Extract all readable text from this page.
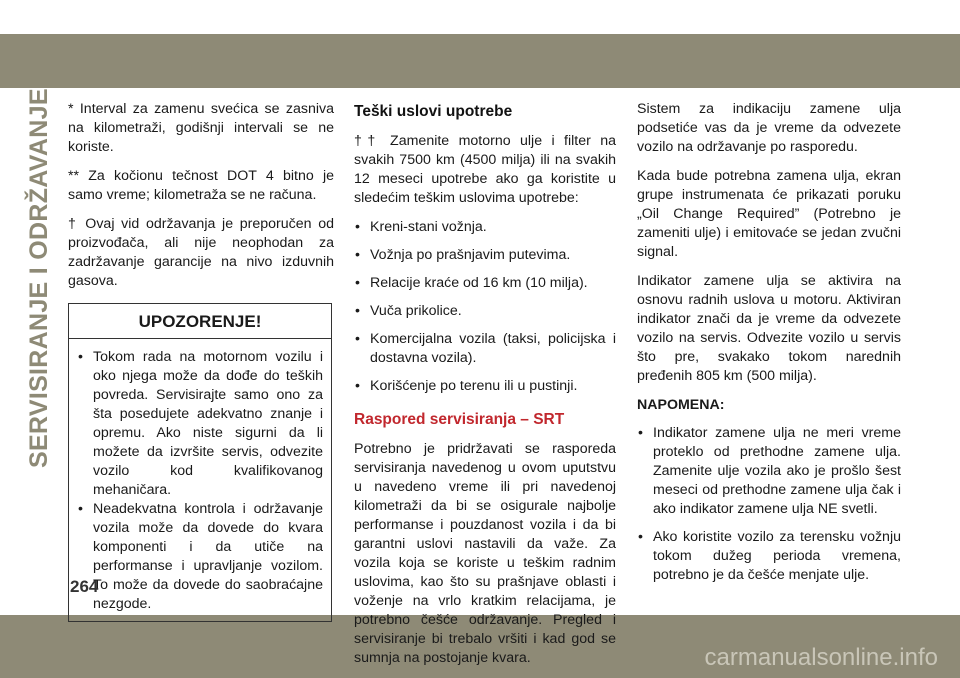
SERVISIRANJE I ODRŽAVANJE * Interval za zamenu svećica se zasniva na kilometraži, godišnji intervali se ne koriste.

** Za kočionu tečnost DOT 4 bitno je samo vreme; kilometraža se ne računa.

† Ovaj vid održavanja je preporučen od proizvođača, ali nije neophodan za zadržavanje garancije na nivo izduvnih gasova.

UPOZORENJE!
• Tokom rada na motornom vozilu i oko njega može da dođe do teških povreda. Servisirajte samo ono za šta posedujete adekvatno znanje i opremu. Ako niste sigurni da li možete da izvršite servis, odvezite vozilo kod kvalifikovanog mehaničara.
• Neadekvatna kontrola i održavanje vozila može da dovede do kvara komponenti i da utiče na performanse i upravljanje vozilom. To može da dovede do saobraćajne nezgode.
Teški uslovi upotrebe

†† Zamenite motorno ulje i filter na svakih 7500 km (4500 milja) ili na svakih 12 meseci upotrebe ako ga koristite u sledećim teškim uslovima upotrebe:

• Kreni-stani vožnja.
• Vožnja po prašnjavim putevima.
• Relacije kraće od 16 km (10 milja).
• Vuča prikolice.
• Komercijalna vozila (taksi, policijska i dostavna vozila).
• Korišćenje po terenu ili u pustinji.
Raspored servisiranja – SRT

Potrebno je pridržavati se rasporeda servisiranja navedenog u ovom uputstvu u navedeno vreme ili pri navedenoj kilometraži da bi se osigurale najbolje performanse i pouzdanost vozila i da bi garantni uslovi nastavili da važe. Za vozila koja se koriste u teškim radnim uslovima, kao što su prašnjave oblasti i voženje na vrlo kratkim relacijama, je potrebno češće održavanje. Pregled i servisiranje bi trebalo vršiti i kad god se sumnja na postojanje kvara.

Sistem za indikaciju zamene ulja podsetiće vas da je vreme da odvezete vozilo na održavanje po rasporedu.

Kada bude potrebna zamena ulja, ekran grupe instrumenata će prikazati poruku „Oil Change Required” (Potrebno je zameniti ulje) i emitovaće se jedan zvučni signal.

Indikator zamene ulja se aktivira na osnovu radnih uslova u motoru. Aktiviran indikator znači da je vreme da odvezete vozilo na servis. Odvezite vozilo u servis što pre, svakako tokom narednih pređenih 805 km (500 milja).

NAPOMENA:
• Indikator zamene ulja ne meri vreme proteklo od prethodne zamene ulja. Zamenite ulje vozila ako je prošlo šest meseci od prethodne zamene ulja čak i ako indikator zamene ulja NE svetli.
• Ako koristite vozilo za terensku vožnju tokom dužeg perioda vremena, potrebno je da češće menjate ulje.
264
carmanualsonline.info
